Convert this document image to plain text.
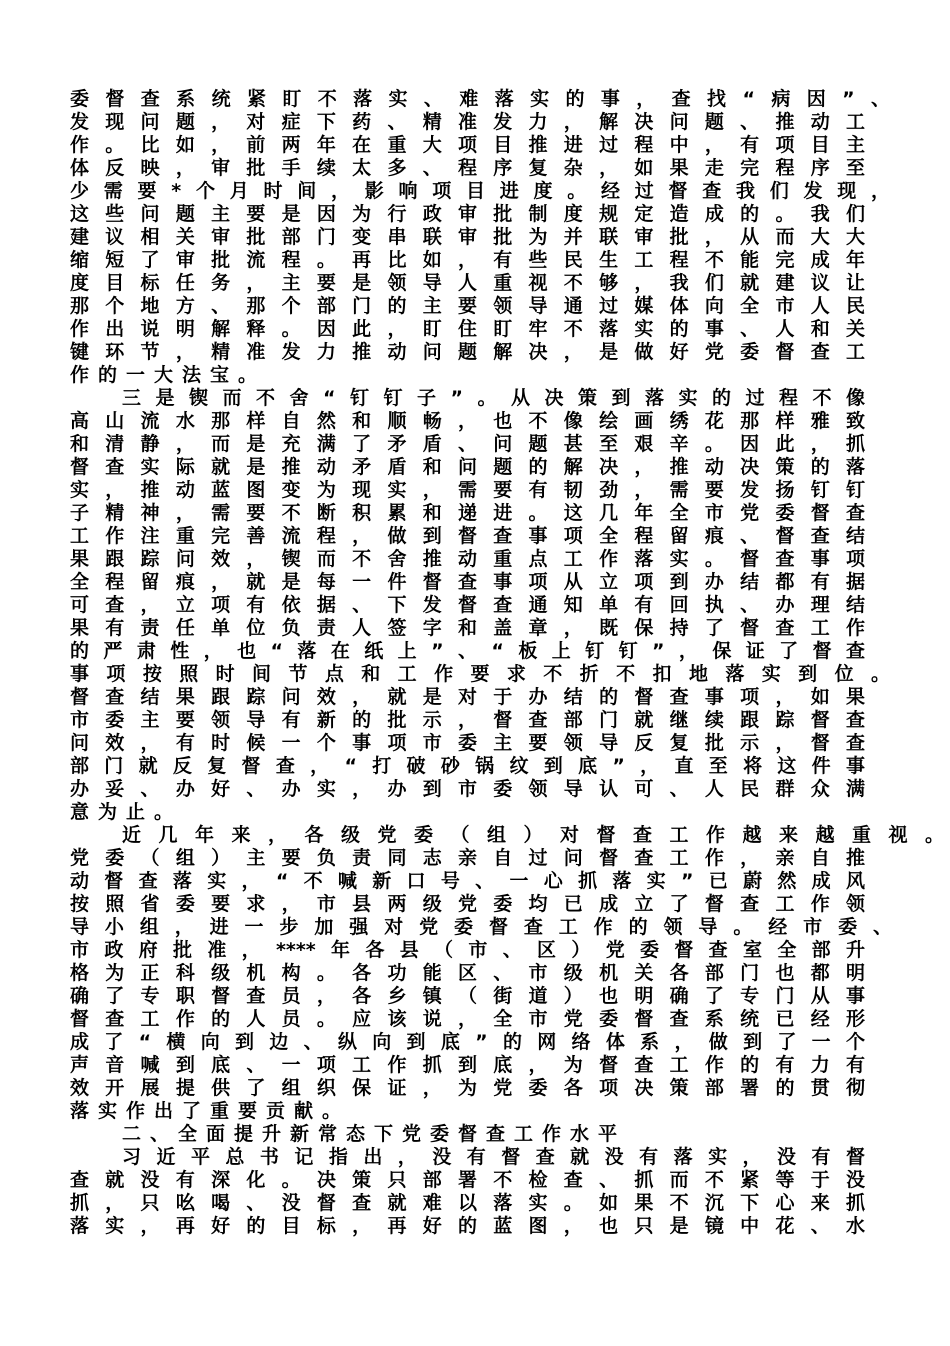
委督查系统紧盯不落实、难落实的事，查找“病因”、
发现问题，对症下药、精准发力，解决问题、推动工
作。比如，前两年在重大项目推进过程中，有项目主
体反映，审批手续太多、程序复杂，如果走完程序至
少需要*个月时间，影响项目进度。经过督查我们发现，
这些问题主要是因为行政审批制度规定造成的。我们
建议相关审批部门变串联审批为并联审批，从而大大
缩短了审批流程。再比如，有些民生工程不能完成年
度目标任务，主要是领导人重视不够，我们就建议让
那个地方、那个部门的主要领导通过媒体向全市人民
作出说明解释。因此，盯住盯牢不落实的事、人和关
键环节，精准发力推动问题解决，是做好党委督查工
作的一大法宝。
三是锲而不舍“钉钉子”。从决策到落实的过程不像
高山流水那样自然和顺畅，也不像绘画绣花那样雅致
和清静，而是充满了矛盾、问题甚至艰辛。因此，抓
督查实际就是推动矛盾和问题的解决，推动决策的落
实，推动蓝图变为现实，需要有韧劲，需要发扬钉钉
子精神，需要不断积累和递进。这几年全市党委督查
工作注重完善流程，做到督查事项全程留痕、督查结
果跟踪问效，锲而不舍推动重点工作落实。督查事项
全程留痕，就是每一件督查事项从立项到办结都有据
可查，立项有依据、下发督查通知单有回执、办理结
果有责任单位负责人签字和盖章，既保持了督查工作
的严肃性，也“落在纸上”、“板上钉钉”，保证了督查
事项按照时间节点和工作要求不折不扣地落实到位。
督查结果跟踪问效，就是对于办结的督查事项，如果
市委主要领导有新的批示，督查部门就继续跟踪督查
问效，有时候一个事项市委主要领导反复批示，督查
部门就反复督查，“打破砂锅纹到底”，直至将这件事
办妥、办好、办实，办到市委领导认可、人民群众满
意为止。
近几年来，各级党委（组）对督查工作越来越重视。
党委（组）主要负责同志亲自过问督查工作，亲自推
动督查落实，“不喊新口号、一心抓落实”已蔚然成风
按照省委要求，市县两级党委均已成立了督查工作领
导小组，进一步加强对党委督查工作的领导。经市委、
市政府批准，****年各县（市、区）党委督查室全部升
格为正科级机构。各功能区、市级机关各部门也都明
确了专职督查员，各乡镇（街道）也明确了专门从事
督查工作的人员。应该说，全市党委督查系统已经形
成了“横向到边、纵向到底”的网络体系，做到了一个
声音喊到底、一项工作抓到底，为督查工作的有力有
效开展提供了组织保证，为党委各项决策部署的贯彻
落实作出了重要贡献。
二、全面提升新常态下党委督查工作水平
习近平总书记指出，没有督查就没有落实，没有督
查就没有深化。决策只部署不检查、抓而不紧等于没
抓，只吆喝、没督查就难以落实。如果不沉下心来抓
落实，再好的目标，再好的蓝图，也只是镜中花、水
